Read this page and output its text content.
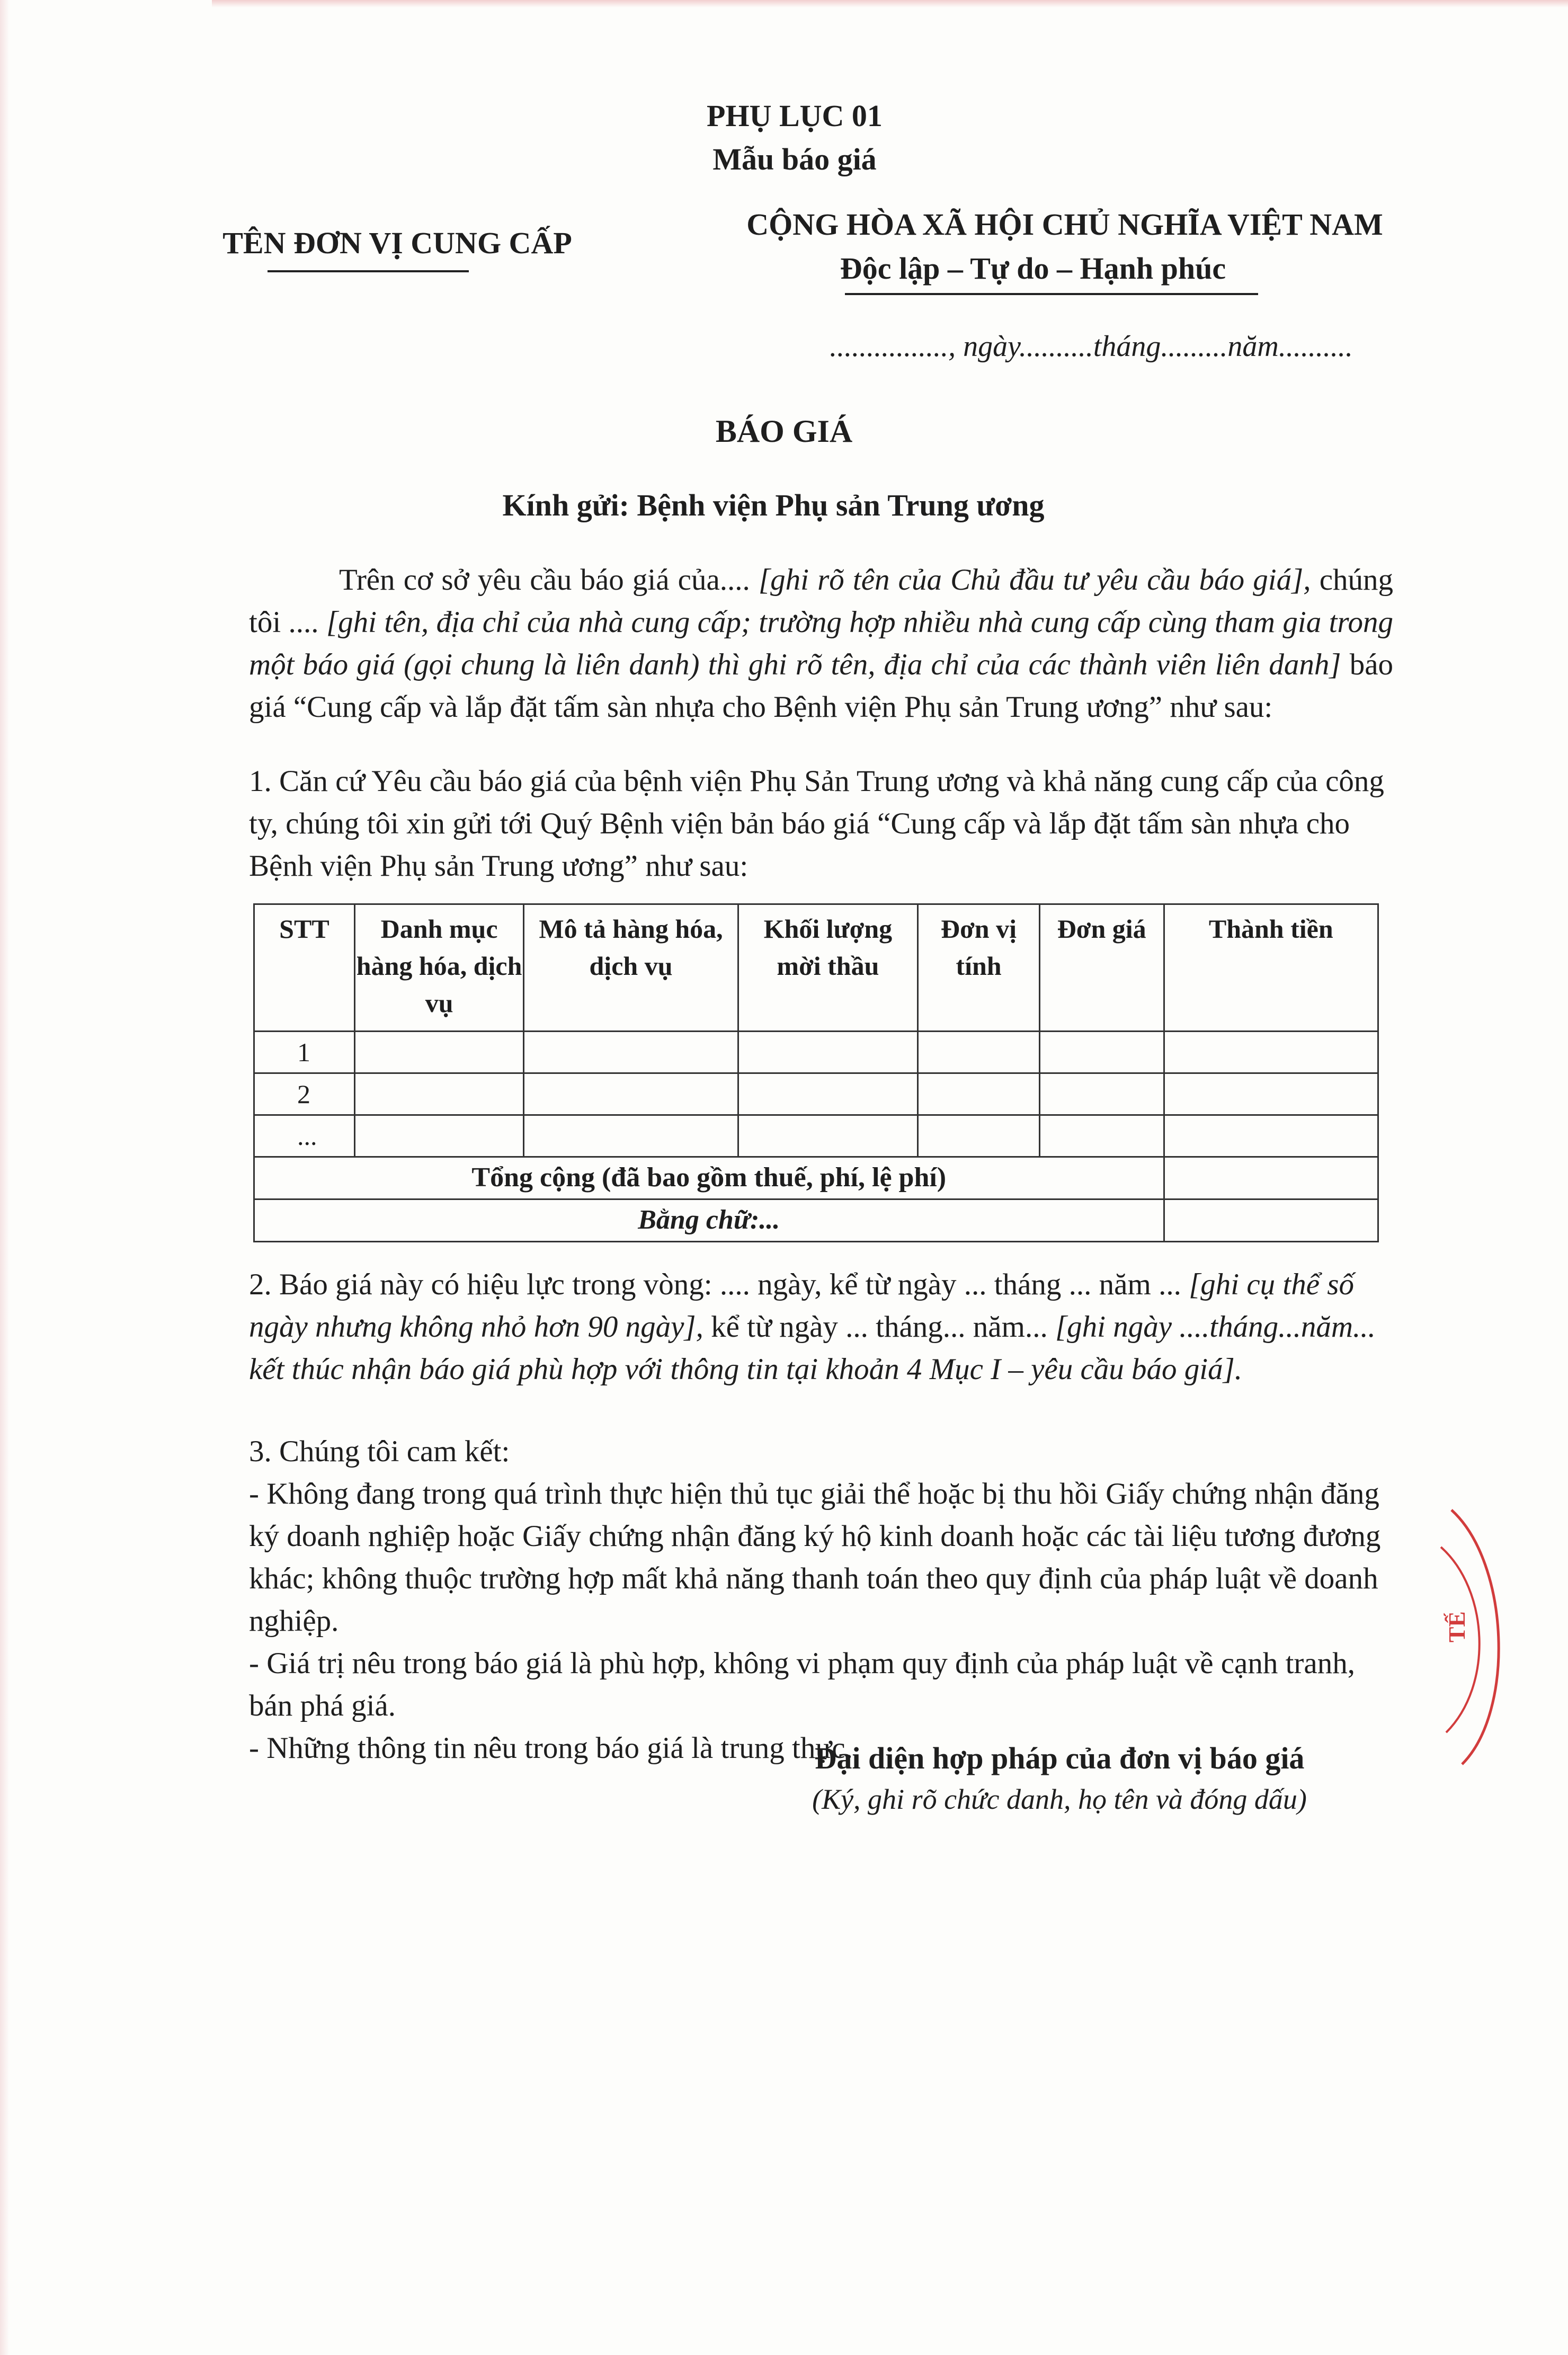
PHỤ LỤC 01
Mẫu báo giá
TÊN ĐƠN VỊ CUNG CẤP
CỘNG HÒA XÃ HỘI CHỦ NGHĨA VIỆT NAM
Độc lập – Tự do – Hạnh phúc
................, ngày..........tháng.........năm..........
BÁO GIÁ
Kính gửi: Bệnh viện Phụ sản Trung ương
Trên cơ sở yêu cầu báo giá của.... [ghi rõ tên của Chủ đầu tư yêu cầu báo giá], chúng tôi .... [ghi tên, địa chỉ của nhà cung cấp; trường hợp nhiều nhà cung cấp cùng tham gia trong một báo giá (gọi chung là liên danh) thì ghi rõ tên, địa chỉ của các thành viên liên danh] báo giá “Cung cấp và lắp đặt tấm sàn nhựa cho Bệnh viện Phụ sản Trung ương” như sau:
1. Căn cứ Yêu cầu báo giá của bệnh viện Phụ Sản Trung ương và khả năng cung cấp của công ty, chúng tôi xin gửi tới Quý Bệnh viện bản báo giá “Cung cấp và lắp đặt tấm sàn nhựa cho Bệnh viện Phụ sản Trung ương” như sau:
STT	Danh mục hàng hóa, dịch vụ	Mô tả hàng hóa, dịch vụ	Khối lượng mời thầu	Đơn vị tính	Đơn giá	Thành tiền
1						
2						
...						
Tổng cộng (đã bao gồm thuế, phí, lệ phí)						
Bằng chữ:...						
2. Báo giá này có hiệu lực trong vòng: .... ngày, kể từ ngày ... tháng ... năm ... [ghi cụ thể số ngày nhưng không nhỏ hơn 90 ngày], kể từ ngày ... tháng... năm... [ghi ngày ....tháng...năm... kết thúc nhận báo giá phù hợp với thông tin tại khoản 4 Mục I – yêu cầu báo giá].
3. Chúng tôi cam kết:
- Không đang trong quá trình thực hiện thủ tục giải thể hoặc bị thu hồi Giấy chứng nhận đăng ký doanh nghiệp hoặc Giấy chứng nhận đăng ký hộ kinh doanh hoặc các tài liệu tương đương khác; không thuộc trường hợp mất khả năng thanh toán theo quy định của pháp luật về doanh nghiệp.
- Giá trị nêu trong báo giá là phù hợp, không vi phạm quy định của pháp luật về cạnh tranh, bán phá giá.
- Những thông tin nêu trong báo giá là trung thực.
Đại diện hợp pháp của đơn vị báo giá
(Ký, ghi rõ chức danh, họ tên và đóng dấu)
TẾ
